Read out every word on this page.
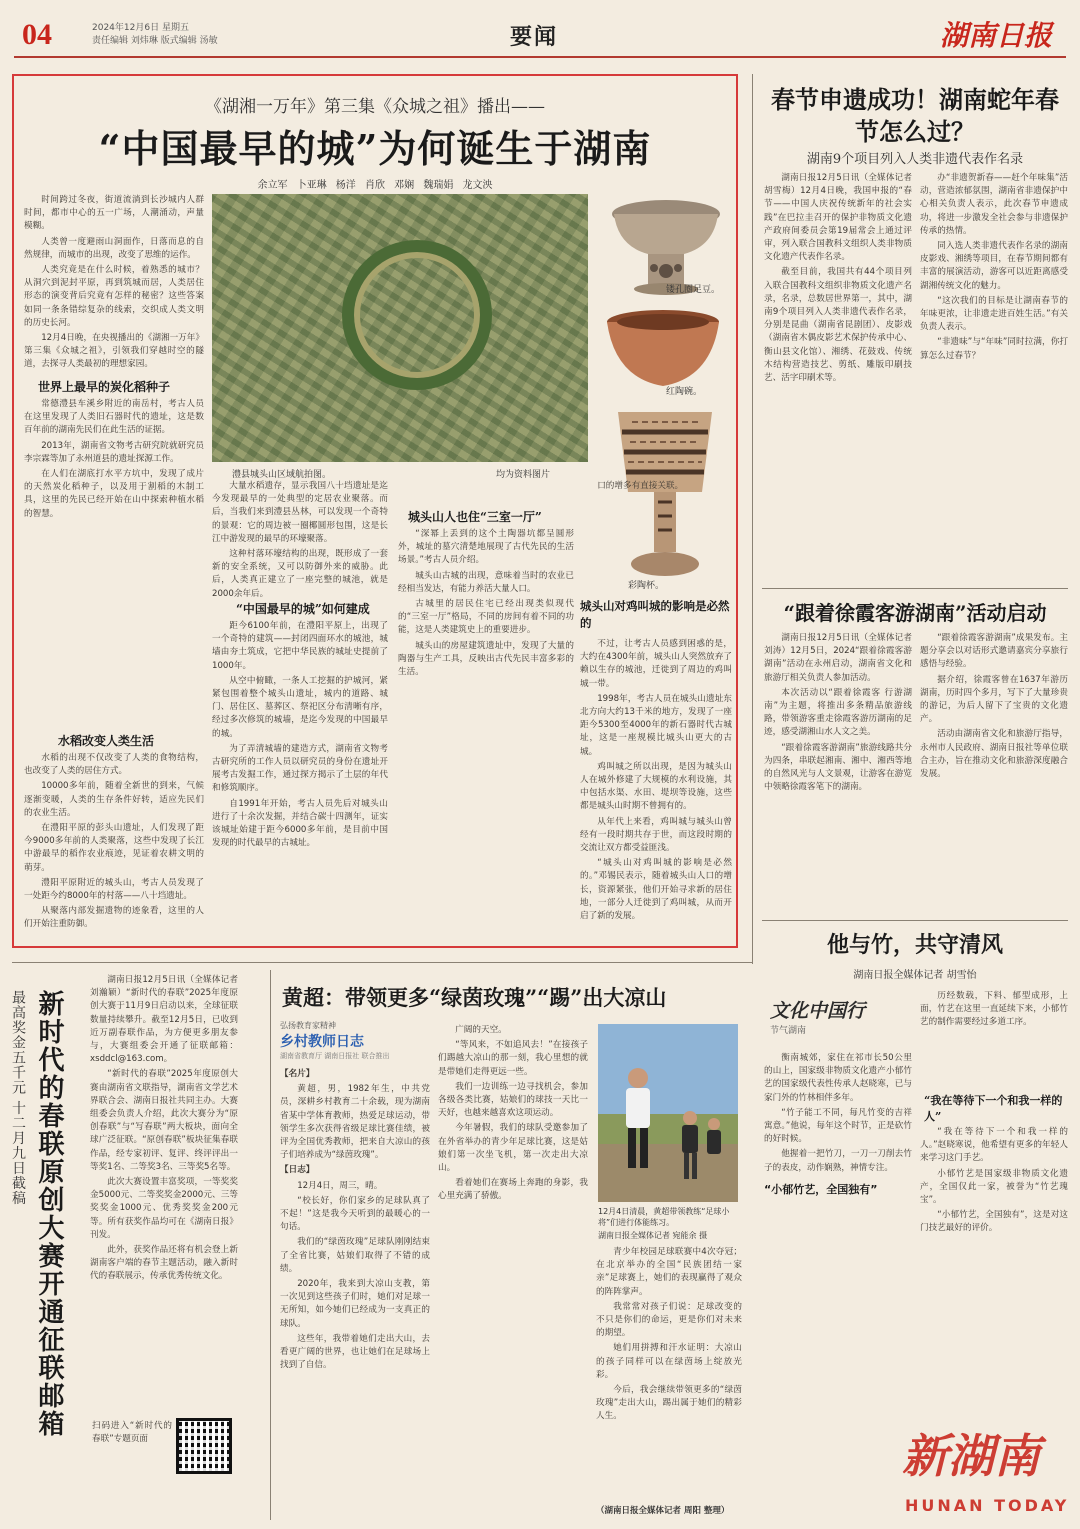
04	2024年12月6日 星期五
责任编辑 刘炜琳 版式编辑 汤敏	要闻	湖南日报
《湖湘一万年》第三集《众城之祖》播出——
“中国最早的城”为何诞生于湖南
余立军 卜亚琳 杨洋 肖欣 邓娴 魏瑞娟 龙文泱

时间跨过冬夜，街道流淌到长沙城内人群时间，都市中心的五一广场，人潮涌动，声量模糊。

人类曾一度避雨山洞面作，日落而息的自然规律，而城市的出现，改变了思维的运作。

人类究竟是在什么时候，着熟悉的城市？从洞穴到泥封平原，再到筑城而居，人类居住形态的演变背后究竟有怎样的秘密？这些答案如同一条条错综复杂的线索，交织成人类文明的历史长河。

12月4日晚，在央视播出的《湖湘一万年》第三集《众城之祖》，引领我们穿越时空的隧道，去探寻人类最初的理想家园。

世界上最早的炭化稻种子

常德澧县车溪乡附近的南岳村，考古人员在这里发现了人类旧石器时代的遗址，这是数百年前的湖南先民们在此生活的证据。

2013年，湖南省文物考古研究院就研究员李宗霖等加了永州道县的遗址探源工作。

在人们在湖底打水平方坑中，发现了成片的天然炭化稻种子，以及用于割稻的木制工具，这里的先民已经开始在山中探索种植水稻的智慧。

水稻改变人类生活

水稻的出现不仅改变了人类的食物结构，也改变了人类的居住方式。

10000多年前，随着全新世的到来，气候逐渐变暖，人类的生存条件好转，适应先民们的农业生活。

在澧阳平原的彭头山遗址，人们发现了距今9000多年前的人类聚落，这些中发现了长江中游最早的稻作农业痕迹，见证着农耕文明的萌芽。

澧阳平原附近的城头山，考古人员发现了一处距今约8000年的村落——八十垱遗址。

从聚落内部发掘遗物的迹象看，这里的人们开始注重防御。

澧县城头山区域航拍图。	均为资料图片
镂孔圈足豆。
红陶碗。
彩陶杯。

大量水稻遗存，显示我国八十垱遗址是迄今发现最早的一处典型的定居农业聚落。而后，当我们来到澧县丛林，可以发现一个奇特的景观：它的周边被一圈椰圆形包围，这是长江中游发现的最早的环壕聚落。

这种村落环壕结构的出现，既形成了一套新的安全系统，又可以防御外来的威胁。此后，人类真正建立了一座完整的城池，就是2000余年后。

“中国最早的城”如何建成

距今6100年前，在澧阳平原上，出现了一个奇特的建筑——封闭四面环水的城池，城墙由夯土筑成，它把中华民族的城址史提前了1000年。

从空中俯瞰，一条人工挖掘的护城河，紧紧包围着整个城头山遗址，城内的道路、城门、居住区、墓葬区、祭祀区分布清晰有序，经过多次修筑的城墙，是迄今发现的中国最早的城。

为了弄清城墙的建造方式，湖南省文物考古研究所的工作人员以研究员的身份在遗址开展考古发掘工作，通过探方揭示了土层的年代和修筑顺序。

自1991年开始，考古人员先后对城头山进行了十余次发掘，并结合碳十四测年，证实该城址始建于距今6000多年前，是目前中国发现的时代最早的古城址。

城头山人也住“三室一厅”

“深幂上丢到的这个土陶器坑都呈圆形外，城址的墓穴清楚地展现了古代先民的生活场景。”考古人员介绍。

城头山古城的出现，意味着当时的农业已经相当发达，有能力养活大量人口。

古城里的居民住宅已经出现类似现代的“三室一厅”格局，不同的房间有着不同的功能，这是人类建筑史上的重要进步。

城头山的房屋建筑遗址中，发现了大量的陶器与生产工具，反映出古代先民丰富多彩的生活。

口的增多有直接关联。

城头山对鸡叫城的影响是必然的

不过，让考古人员感到困惑的是，大约在4300年前，城头山人突然放弃了赖以生存的城池，迁徙到了周边的鸡叫城一带。

1998年，考古人员在城头山遗址东北方向大约13千米的地方，发现了一座距今5300至4000年的新石器时代古城址，这是一座规模比城头山更大的古城。

鸡叫城之所以出现，是因为城头山人在城外修建了大规模的水利设施，其中包括水渠、水田、堤坝等设施，这些都是城头山时期不曾拥有的。

从年代上来看，鸡叫城与城头山曾经有一段时期共存于世，而这段时期的交流让双方都受益匪浅。

“城头山对鸡叫城的影响是必然的。”邓锡民表示，随着城头山人口的增长，资源紧张，他们开始寻求新的居住地，一部分人迁徙到了鸡叫城，从而开启了新的发展。

春节申遗成功！湖南蛇年春节怎么过？
湖南9个项目列入人类非遗代表作名录

湖南日报12月5日讯（全媒体记者 胡雪梅）12月4日晚，我国申报的“春节——中国人庆祝传统新年的社会实践”在巴拉圭召开的保护非物质文化遗产政府间委员会第19届常会上通过评审，列入联合国教科文组织人类非物质文化遗产代表作名录。

截至目前，我国共有44个项目列入联合国教科文组织非物质文化遗产名录，名录，总数居世界第一，其中，湖南9个项目列入人类非遗代表作名录，分别是昆曲（湖南省昆剧团）、皮影戏（湖南省木偶皮影艺术保护传承中心、衡山县文化馆）、湘绣、花鼓戏、传统木结构营造技艺、剪纸、雕版印刷技艺、活字印刷术等。

办“非遗贺新春——赶个年味集”活动，营造浓郁氛围，湖南省非遗保护中心相关负责人表示，此次春节申遗成功，将进一步激发全社会参与非遗保护传承的热情。

同入选人类非遗代表作名录的湖南皮影戏、湘绣等项目，在春节期间都有丰富的展演活动，游客可以近距离感受湖湘传统文化的魅力。

“这次我们的目标是让湖南春节的年味更浓，让非遗走进百姓生活。”有关负责人表示。

“非遗味”与“年味”同时拉满，你打算怎么过春节？

“跟着徐霞客游湖南”活动启动

湖南日报12月5日讯（全媒体记者 刘涛）12月5日，2024“跟着徐霞客游湖南”活动在永州启动，湖南省文化和旅游厅相关负责人参加活动。

本次活动以“跟着徐霞客 行游湖南”为主题，将推出多条精品旅游线路，带领游客重走徐霞客游历湖南的足迹，感受湖湘山水人文之美。

“跟着徐霞客游湖南”旅游线路共分为四条，串联起湘南、湘中、湘西等地的自然风光与人文景观，让游客在游览中领略徐霞客笔下的湖南。

“跟着徐霞客游湖南”成果发布。主题分享会以对话形式邀请嘉宾分享旅行感悟与经验。

据介绍，徐霞客曾在1637年游历湖南，历时四个多月，写下了大量珍贵的游记，为后人留下了宝贵的文化遗产。

活动由湖南省文化和旅游厅指导，永州市人民政府、湖南日报社等单位联合主办，旨在推动文化和旅游深度融合发展。

他与竹，共守清风
湖南日报全媒体记者 胡雪怡
文化中国行
节气湖南

衡南城郊，家住在祁市长50公里的山上，国家级非物质文化遗产小郁竹艺的国家级代表性传承人赵晓寒，已与家门外的竹林相伴多年。

“竹子能工不同，每凡竹变的吉祥寓意。”他说，每年这个时节，正是砍竹的好时候。

他握着一把竹刀，一刀一刀削去竹子的表皮，动作娴熟，神情专注。

“小郁竹艺，全国独有”

历经数载，下料、郁型成形，上面，竹艺在这里一直延续下来，小郁竹艺的制作需要经过多道工序。

“我在等待下一个和我一样的人”

“我在等待下一个和我一样的人。”赵晓寒说，他希望有更多的年轻人来学习这门手艺。

小郁竹艺是国家级非物质文化遗产，全国仅此一家，被誉为“竹艺瑰宝”。

“小郁竹艺，全国独有”，这是对这门技艺最好的评价。

新湖南
HUNAN TODAY
最高奖金五千元 十二月九日截稿 新时代的春联原创大赛开通征联邮箱

湖南日报12月5日讯（全媒体记者 刘瀚颖）“新时代的春联”2025年度原创大赛于11月9日启动以来，全球征联数量持续攀升。截至12月5日，已收到近万副春联作品，为方便更多朋友参与，大赛组委会开通了征联邮箱：xsddcl@163.com。

“新时代的春联”2025年度原创大赛由湖南省文联指导，湖南省文学艺术界联合会、湖南日报社共同主办。大赛组委会负责人介绍，此次大赛分为“原创春联”与“写春联”两大板块，面向全球广泛征联。“原创春联”板块征集春联作品，经专家初评、复评、终评评出一等奖1名、二等奖3名、三等奖5名等。

此次大赛设置丰富奖项，一等奖奖金5000元、二等奖奖金2000元、三等奖奖金1000元、优秀奖奖金200元等。所有获奖作品均可在《湖南日报》刊发。

此外，获奖作品还将有机会登上新湖南客户端的春节主题活动，融入新时代的春联展示，传承优秀传统文化。

扫码进入“新时代的春联”专题页面

黄超：带领更多“绿茵玫瑰”“踢”出大凉山
弘扬教育家精神
乡村教师日志
湖南省教育厅 湖南日报社 联合推出

【名片】

黄超，男，1982年生，中共党员，深耕乡村教育二十余载，现为湖南省某中学体育教师，热爱足球运动，带领学生多次获得省级足球比赛佳绩，被评为全国优秀教师，把来自大凉山的孩子们培养成为“绿茵玫瑰”。

【日志】

12月4日，周三，晴。

“校长好，你们家乡的足球队真了不起！”这是我今天听到的最暖心的一句话。

我们的“绿茵玫瑰”足球队刚刚结束了全省比赛，姑娘们取得了不错的成绩。

2020年，我来到大凉山支教，第一次见到这些孩子们时，她们对足球一无所知，如今她们已经成为一支真正的球队。

这些年，我带着她们走出大山，去看更广阔的世界，也让她们在足球场上找到了自信。

广阔的天空。

“等风来，不如追风去！”在接孩子们踢越大凉山的那一刻，我心里想的就是带她们走得更远一些。

我们一边训练一边寻找机会，参加各级各类比赛，姑娘们的球技一天比一天好，也越来越喜欢这项运动。

今年暑假，我们的球队受邀参加了在外省举办的青少年足球比赛，这是姑娘们第一次坐飞机，第一次走出大凉山。

看着她们在赛场上奔跑的身影，我心里充满了骄傲。

12月4日清晨，黄超带领教练“足球小将”们进行体能练习。
湖南日报全媒体记者 宛能余 摄

青少年校园足球联赛中4次夺冠；在北京举办的全国“民族团结一家亲”足球赛上，她们的表现赢得了观众的阵阵掌声。

我常常对孩子们说：足球改变的不只是你们的命运，更是你们对未来的期望。

她们用拼搏和汗水证明：大凉山的孩子同样可以在绿茵场上绽放光彩。

今后，我会继续带领更多的“绿茵玫瑰”走出大山，踢出属于她们的精彩人生。

（湖南日报全媒体记者 周阳 整理）
